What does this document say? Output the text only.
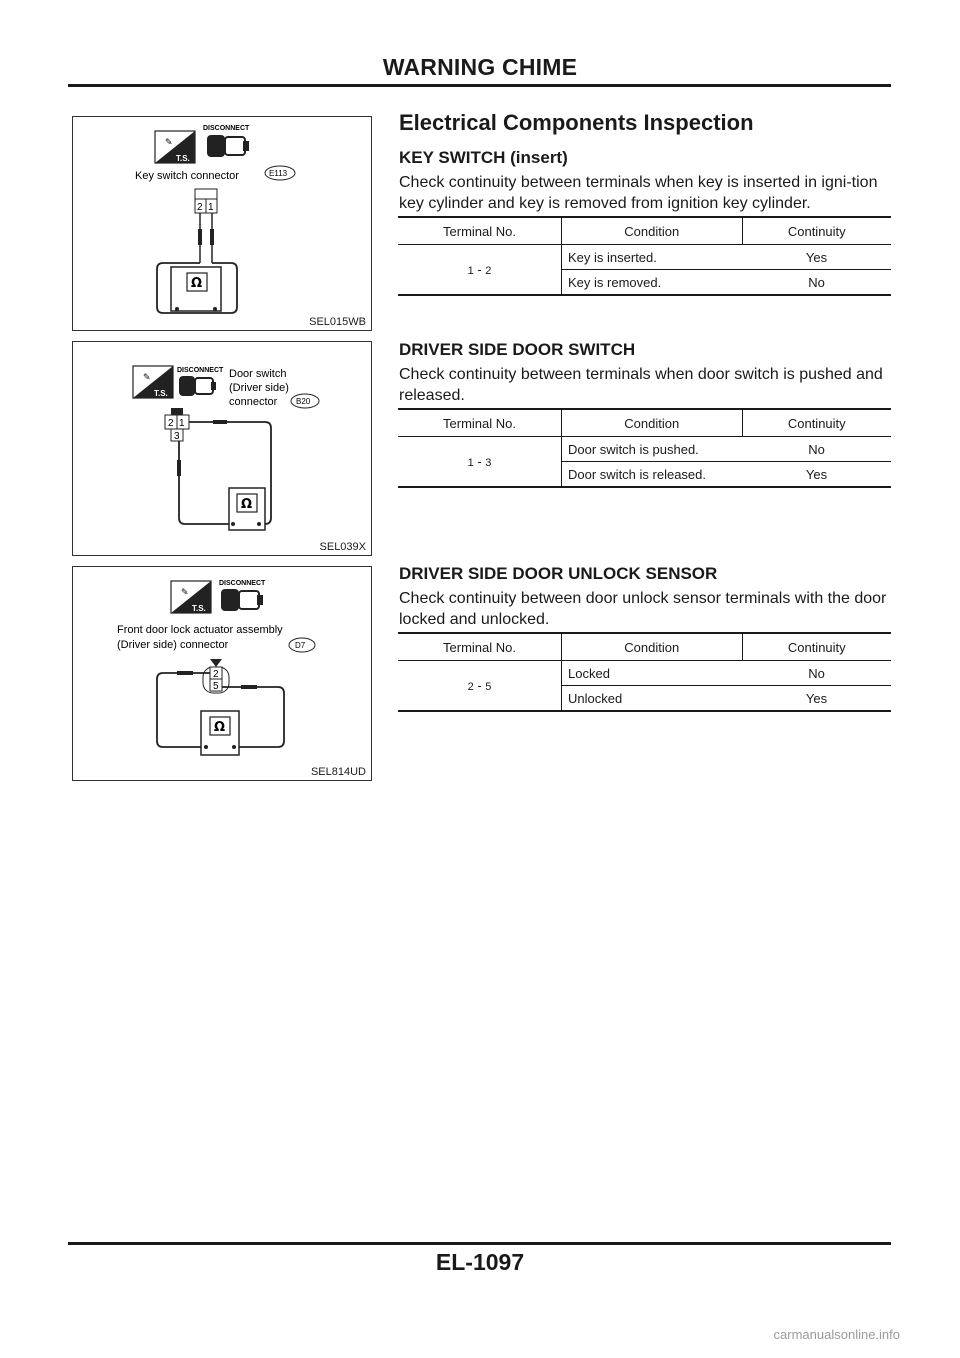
WARNING CHIME
✎
T.S.
DISCONNECT
Key switch connector	E113
2 1
Ω
SEL015WB
✎
T.S.
DISCONNECT Door switch
(Driver side)
connector B20
2 1
3
Ω
SEL039X
✎
T.S.
DISCONNECT
Front door lock actuator assembly
(Driver side) connector	D7
2
5
Ω
SEL814UD
Electrical Components Inspection
KEY SWITCH (insert)
Check continuity between terminals when key is inserted in igni-tion key cylinder and key is removed from ignition key cylinder.
Terminal No.	Condition	Continuity
1 - 2	Key is inserted.	Yes
	Key is removed.	No
DRIVER SIDE DOOR SWITCH
Check continuity between terminals when door switch is pushed and released.
Terminal No.	Condition	Continuity
1 - 3	Door switch is pushed.	No
	Door switch is released.	Yes
DRIVER SIDE DOOR UNLOCK SENSOR
Check continuity between door unlock sensor terminals with the door locked and unlocked.
Terminal No.	Condition	Continuity
2 - 5	Locked	No
	Unlocked	Yes
EL-1097
carmanualsonline.info
